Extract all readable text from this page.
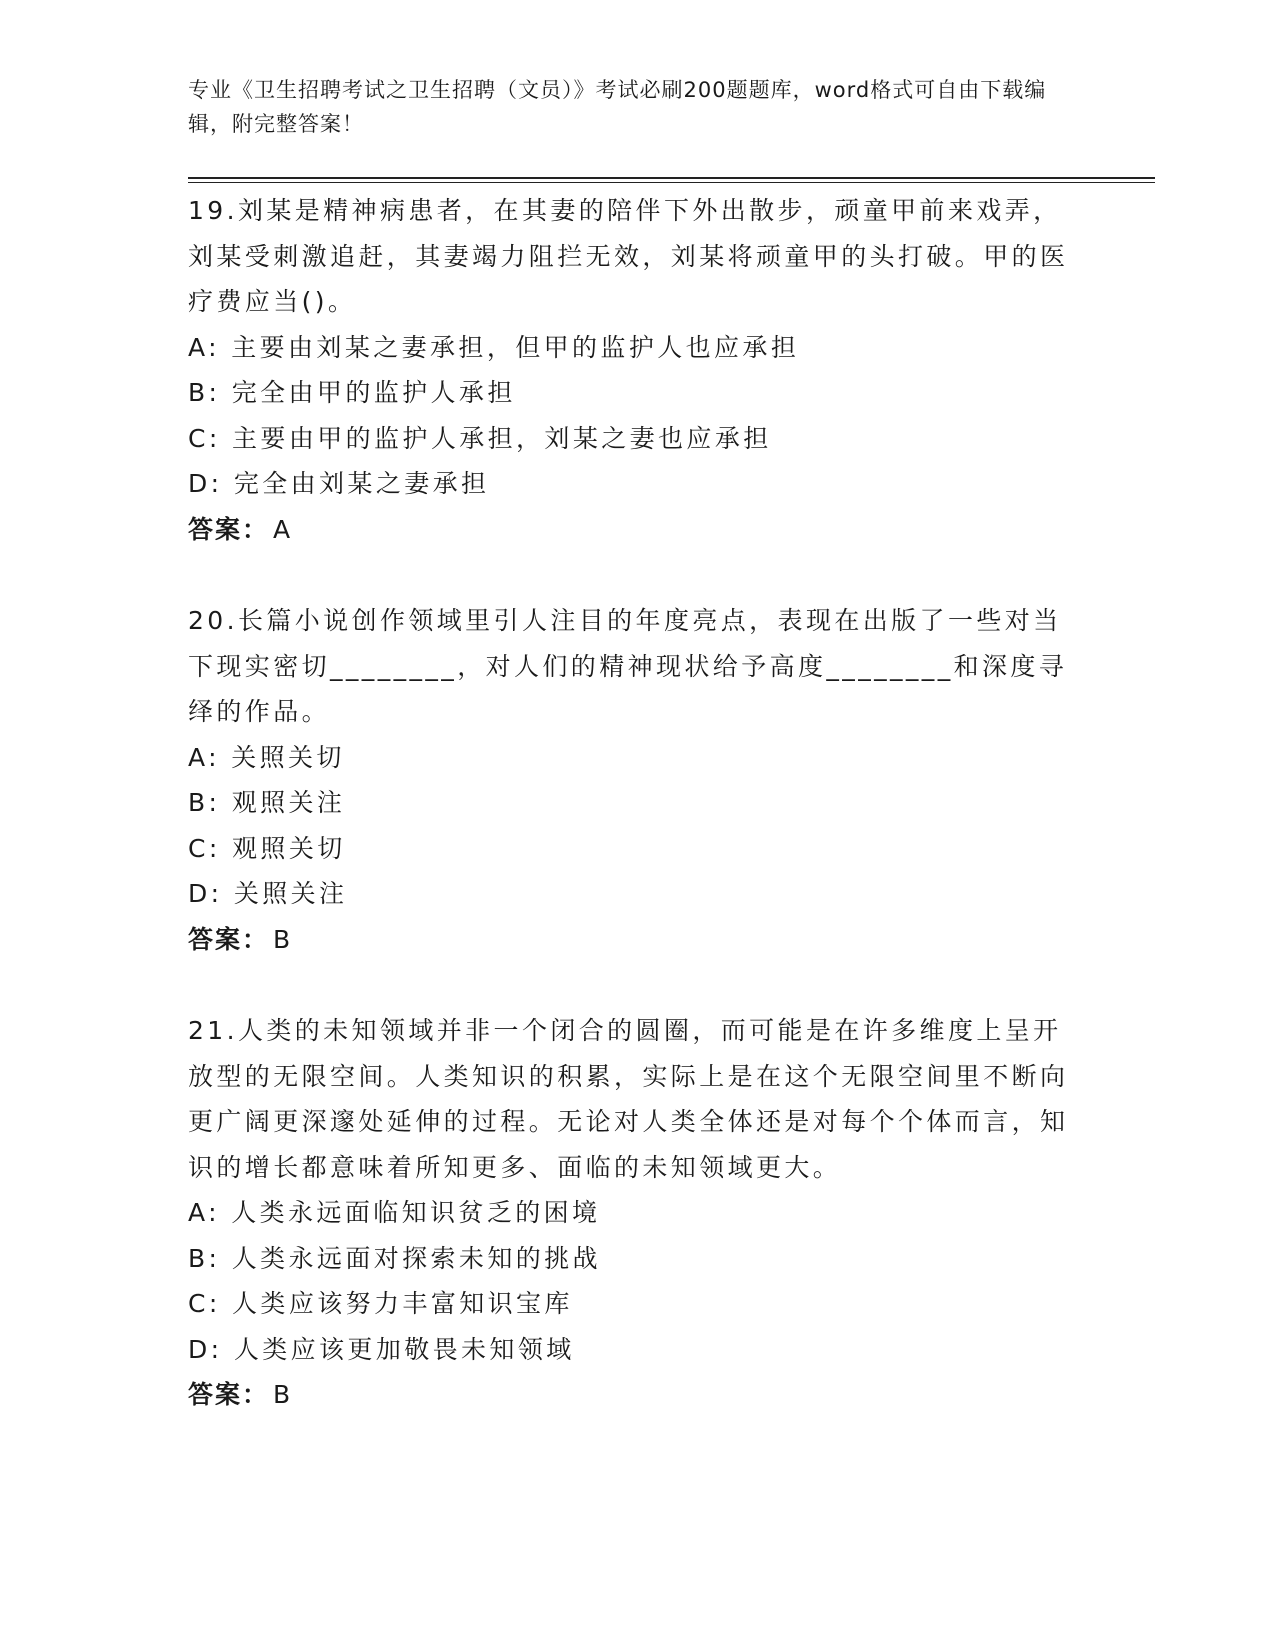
专业《卫生招聘考试之卫生招聘（文员）》考试必刷200题题库，word格式可自由下载编辑，附完整答案！

19.刘某是精神病患者，在其妻的陪伴下外出散步，顽童甲前来戏弄，刘某受刺激追赶，其妻竭力阻拦无效，刘某将顽童甲的头打破。甲的医疗费应当()。

A: 主要由刘某之妻承担，但甲的监护人也应承担

B: 完全由甲的监护人承担

C: 主要由甲的监护人承担，刘某之妻也应承担

D: 完全由刘某之妻承担

答案： A

20.长篇小说创作领域里引人注目的年度亮点，表现在出版了一些对当下现实密切________，对人们的精神现状给予高度________和深度寻绎的作品。

A: 关照关切

B: 观照关注

C: 观照关切

D: 关照关注

答案： B

21.人类的未知领域并非一个闭合的圆圈，而可能是在许多维度上呈开放型的无限空间。人类知识的积累，实际上是在这个无限空间里不断向更广阔更深邃处延伸的过程。无论对人类全体还是对每个个体而言，知识的增长都意味着所知更多、面临的未知领域更大。

A: 人类永远面临知识贫乏的困境

B: 人类永远面对探索未知的挑战

C: 人类应该努力丰富知识宝库

D: 人类应该更加敬畏未知领域

答案： B
